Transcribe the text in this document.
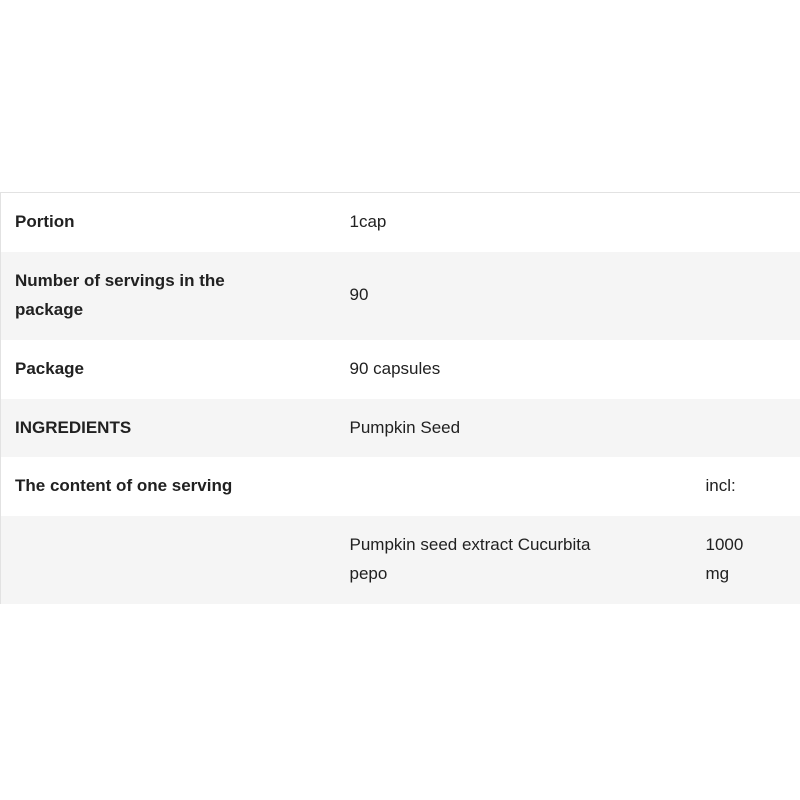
Portion	1cap	
Number of servings in the package	90	
Package	90 capsules	
INGREDIENTS	Pumpkin Seed	
The content of one serving		incl:
	Pumpkin seed extract Cucurbita pepo	1000 mg
